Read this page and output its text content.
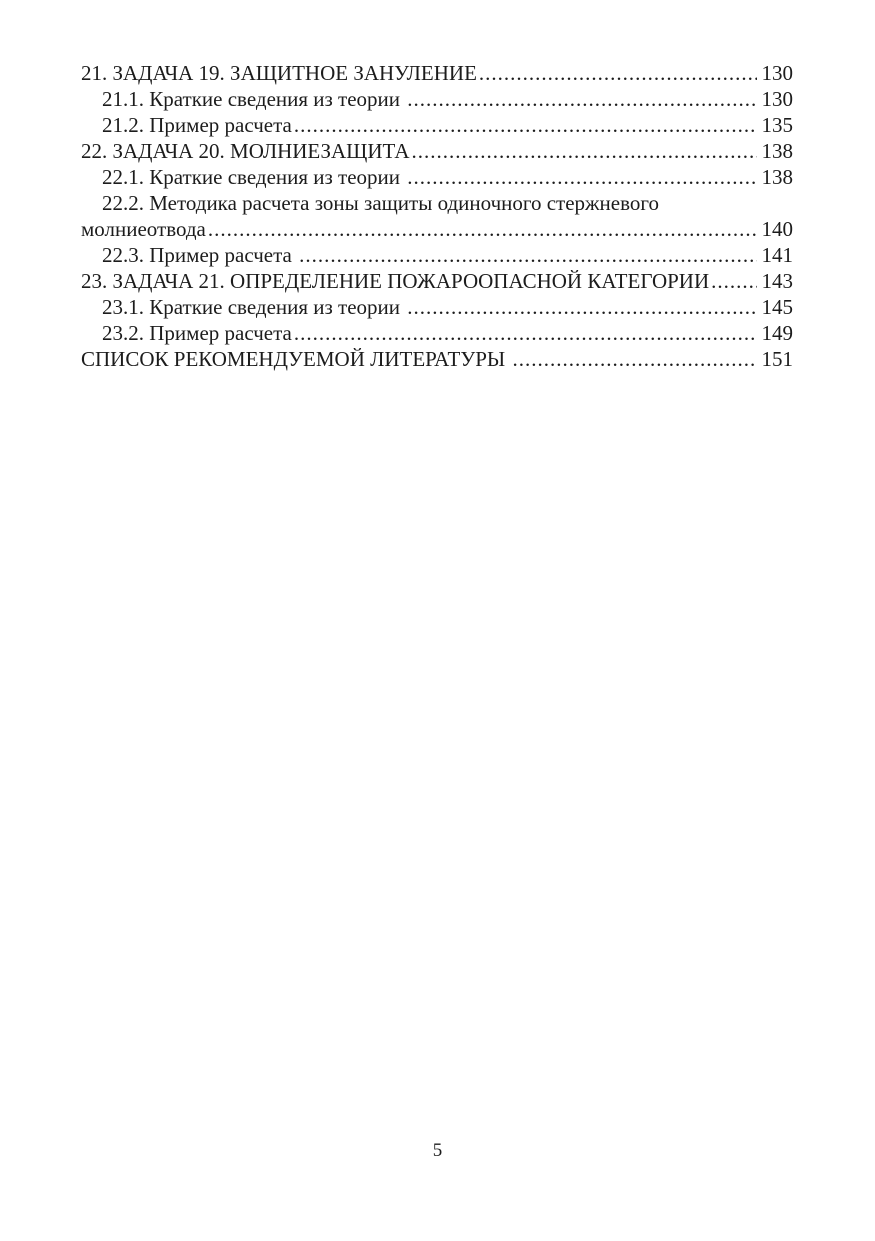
21. ЗАДАЧА 19. ЗАЩИТНОЕ ЗАНУЛЕНИЕ .....	130
21.1. Краткие сведения из теории .....	130
21.2. Пример расчета .....	135
22. ЗАДАЧА 20. МОЛНИЕЗАЩИТА .....	138
22.1. Краткие сведения из теории .....	138
22.2. Методика расчета зоны защиты одиночного стержневого
молниеотвода .....	140
22.3. Пример расчета .....	141
23. ЗАДАЧА 21. ОПРЕДЕЛЕНИЕ ПОЖАРООПАСНОЙ КАТЕГОРИИ ..... 143
23.1. Краткие сведения из теории .....	145
23.2. Пример расчета .....	149
СПИСОК РЕКОМЕНДУЕМОЙ ЛИТЕРАТУРЫ .....	151
5
